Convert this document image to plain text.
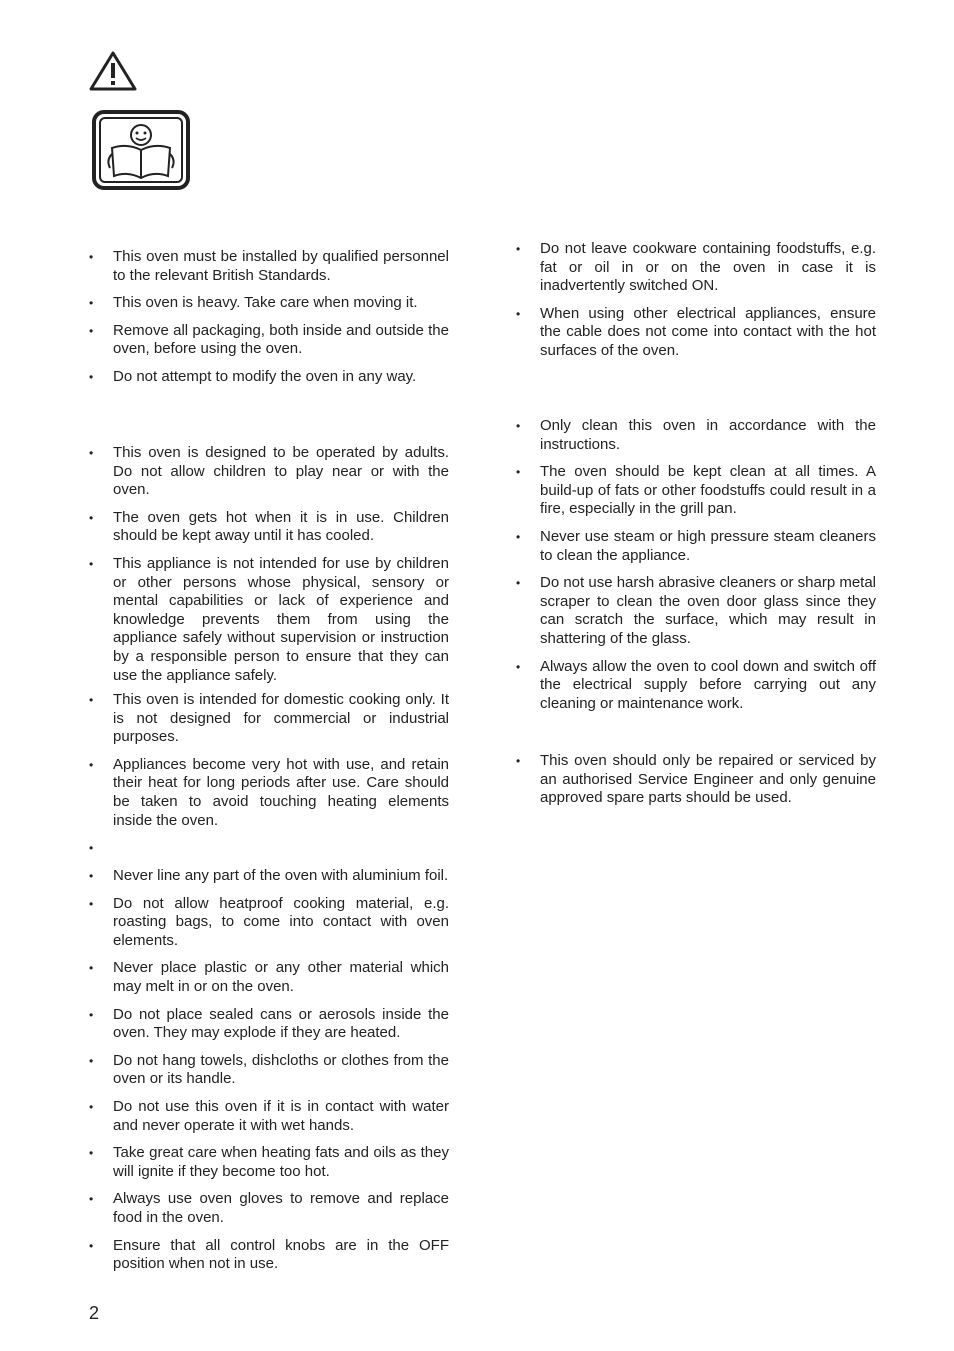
•	This oven must be installed by qualified personnel to the relevant British Standards.
•	This oven is heavy. Take care when moving it.
•	Remove all packaging, both inside and outside the oven, before using the oven.
•	Do not attempt to modify the oven in any way.
•	This oven is designed to be operated by adults. Do not allow children to play near or with the oven.
•	The oven gets hot when it is in use. Children should be kept away until it has cooled.
•	This appliance is not intended for use by children or other persons whose physical, sensory or mental capabilities or lack of experience and knowledge prevents them from using the appliance safely without supervision or instruction by a responsible person to ensure that they can use the appliance safely.
•	This oven is intended for domestic cooking only. It is not designed for commercial or industrial purposes.
•	Appliances become very hot with use, and retain their heat for long periods after use. Care should be taken to avoid touching heating elements inside the oven.
•
•	Never line any part of the oven with aluminium foil.
•	Do not allow heatproof cooking material, e.g. roasting bags, to come into contact with oven elements.
•	Never place plastic or any other material which may melt in or on the oven.
•	Do not place sealed cans or aerosols inside the oven. They may explode if they are heated.
•	Do not hang towels, dishcloths or clothes from the oven or its handle.
•	Do not use this oven if it is in contact with water and never operate it with wet hands.
•	Take great care when heating fats and oils as they will ignite if they become too hot.
•	Always use oven gloves to remove and replace food in the oven.
•	Ensure that all control knobs are in the OFF position when not in use.
•	Do not leave cookware containing foodstuffs, e.g. fat or oil in or on the oven in case it is inadvertently switched ON.
•	When using other electrical appliances, ensure the cable does not come into contact with the hot surfaces of the oven.
•	Only clean this oven in accordance with the instructions.
•	The oven should be kept clean at all times. A build-up of fats or other foodstuffs could result in a fire, especially in the grill pan.
•	Never use steam or high pressure steam cleaners to clean the appliance.
•	Do not use harsh abrasive cleaners or sharp metal scraper to clean the oven door glass since they can scratch the surface, which may result in shattering of the glass.
•	Always allow the oven to cool down and switch off the electrical supply before carrying out any cleaning or maintenance work.
•	This oven should only be repaired or serviced by an authorised Service Engineer and only genuine approved spare parts should be used.
2
